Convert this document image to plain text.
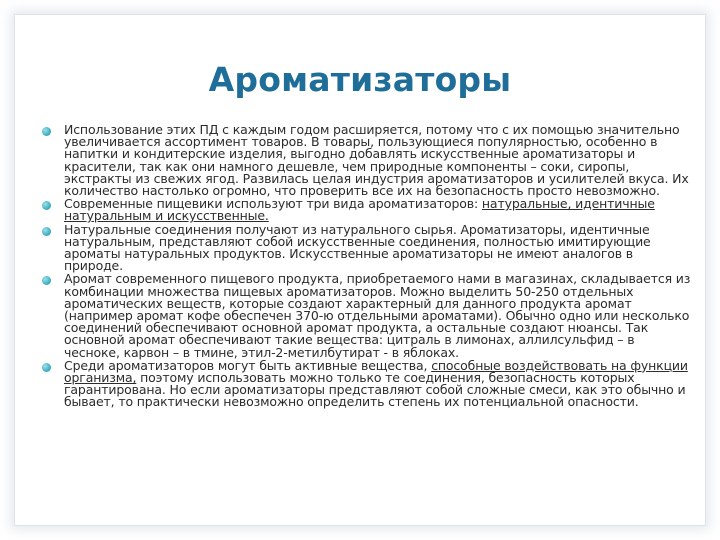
Ароматизаторы
Использование этих ПД с каждым годом расширяется, потому что с их помощью значительно увеличивается ассортимент товаров. В товары, пользующиеся популярностью, особенно в напитки и кондитерские изделия, выгодно добавлять искусственные ароматизаторы и красители, так как они намного дешевле, чем природные компоненты – соки, сиропы, экстракты из свежих ягод. Развилась целая индустрия ароматизаторов и усилителей вкуса. Их количество настолько огромно, что проверить все их на безопасность просто невозможно.
Современные пищевики используют три вида ароматизаторов: натуральные, идентичные натуральным и искусственные.
Натуральные соединения получают из натурального сырья. Ароматизаторы, идентичные натуральным, представляют собой искусственные соединения, полностью имитирующие ароматы натуральных продуктов. Искусственные ароматизаторы не имеют аналогов в природе.
Аромат современного пищевого продукта, приобретаемого нами в магазинах, складывается из комбинации множества пищевых ароматизаторов. Можно выделить 50-250 отдельных ароматических веществ, которые создают характерный для данного продукта аромат (например аромат кофе обеспечен 370-ю отдельными ароматами). Обычно одно или несколько соединений обеспечивают основной аромат продукта, а остальные создают нюансы. Так основной аромат обеспечивают такие вещества: цитраль в лимонах, аллилсульфид – в чесноке, карвон – в тмине, этил-2-метилбутират - в яблоках.
Среди ароматизаторов могут быть активные вещества, способные воздействовать на функции организма, поэтому использовать можно только те соединения, безопасность которых гарантирована. Но если ароматизаторы представляют собой сложные смеси, как это обычно и бывает, то практически невозможно определить степень их потенциальной опасности.
